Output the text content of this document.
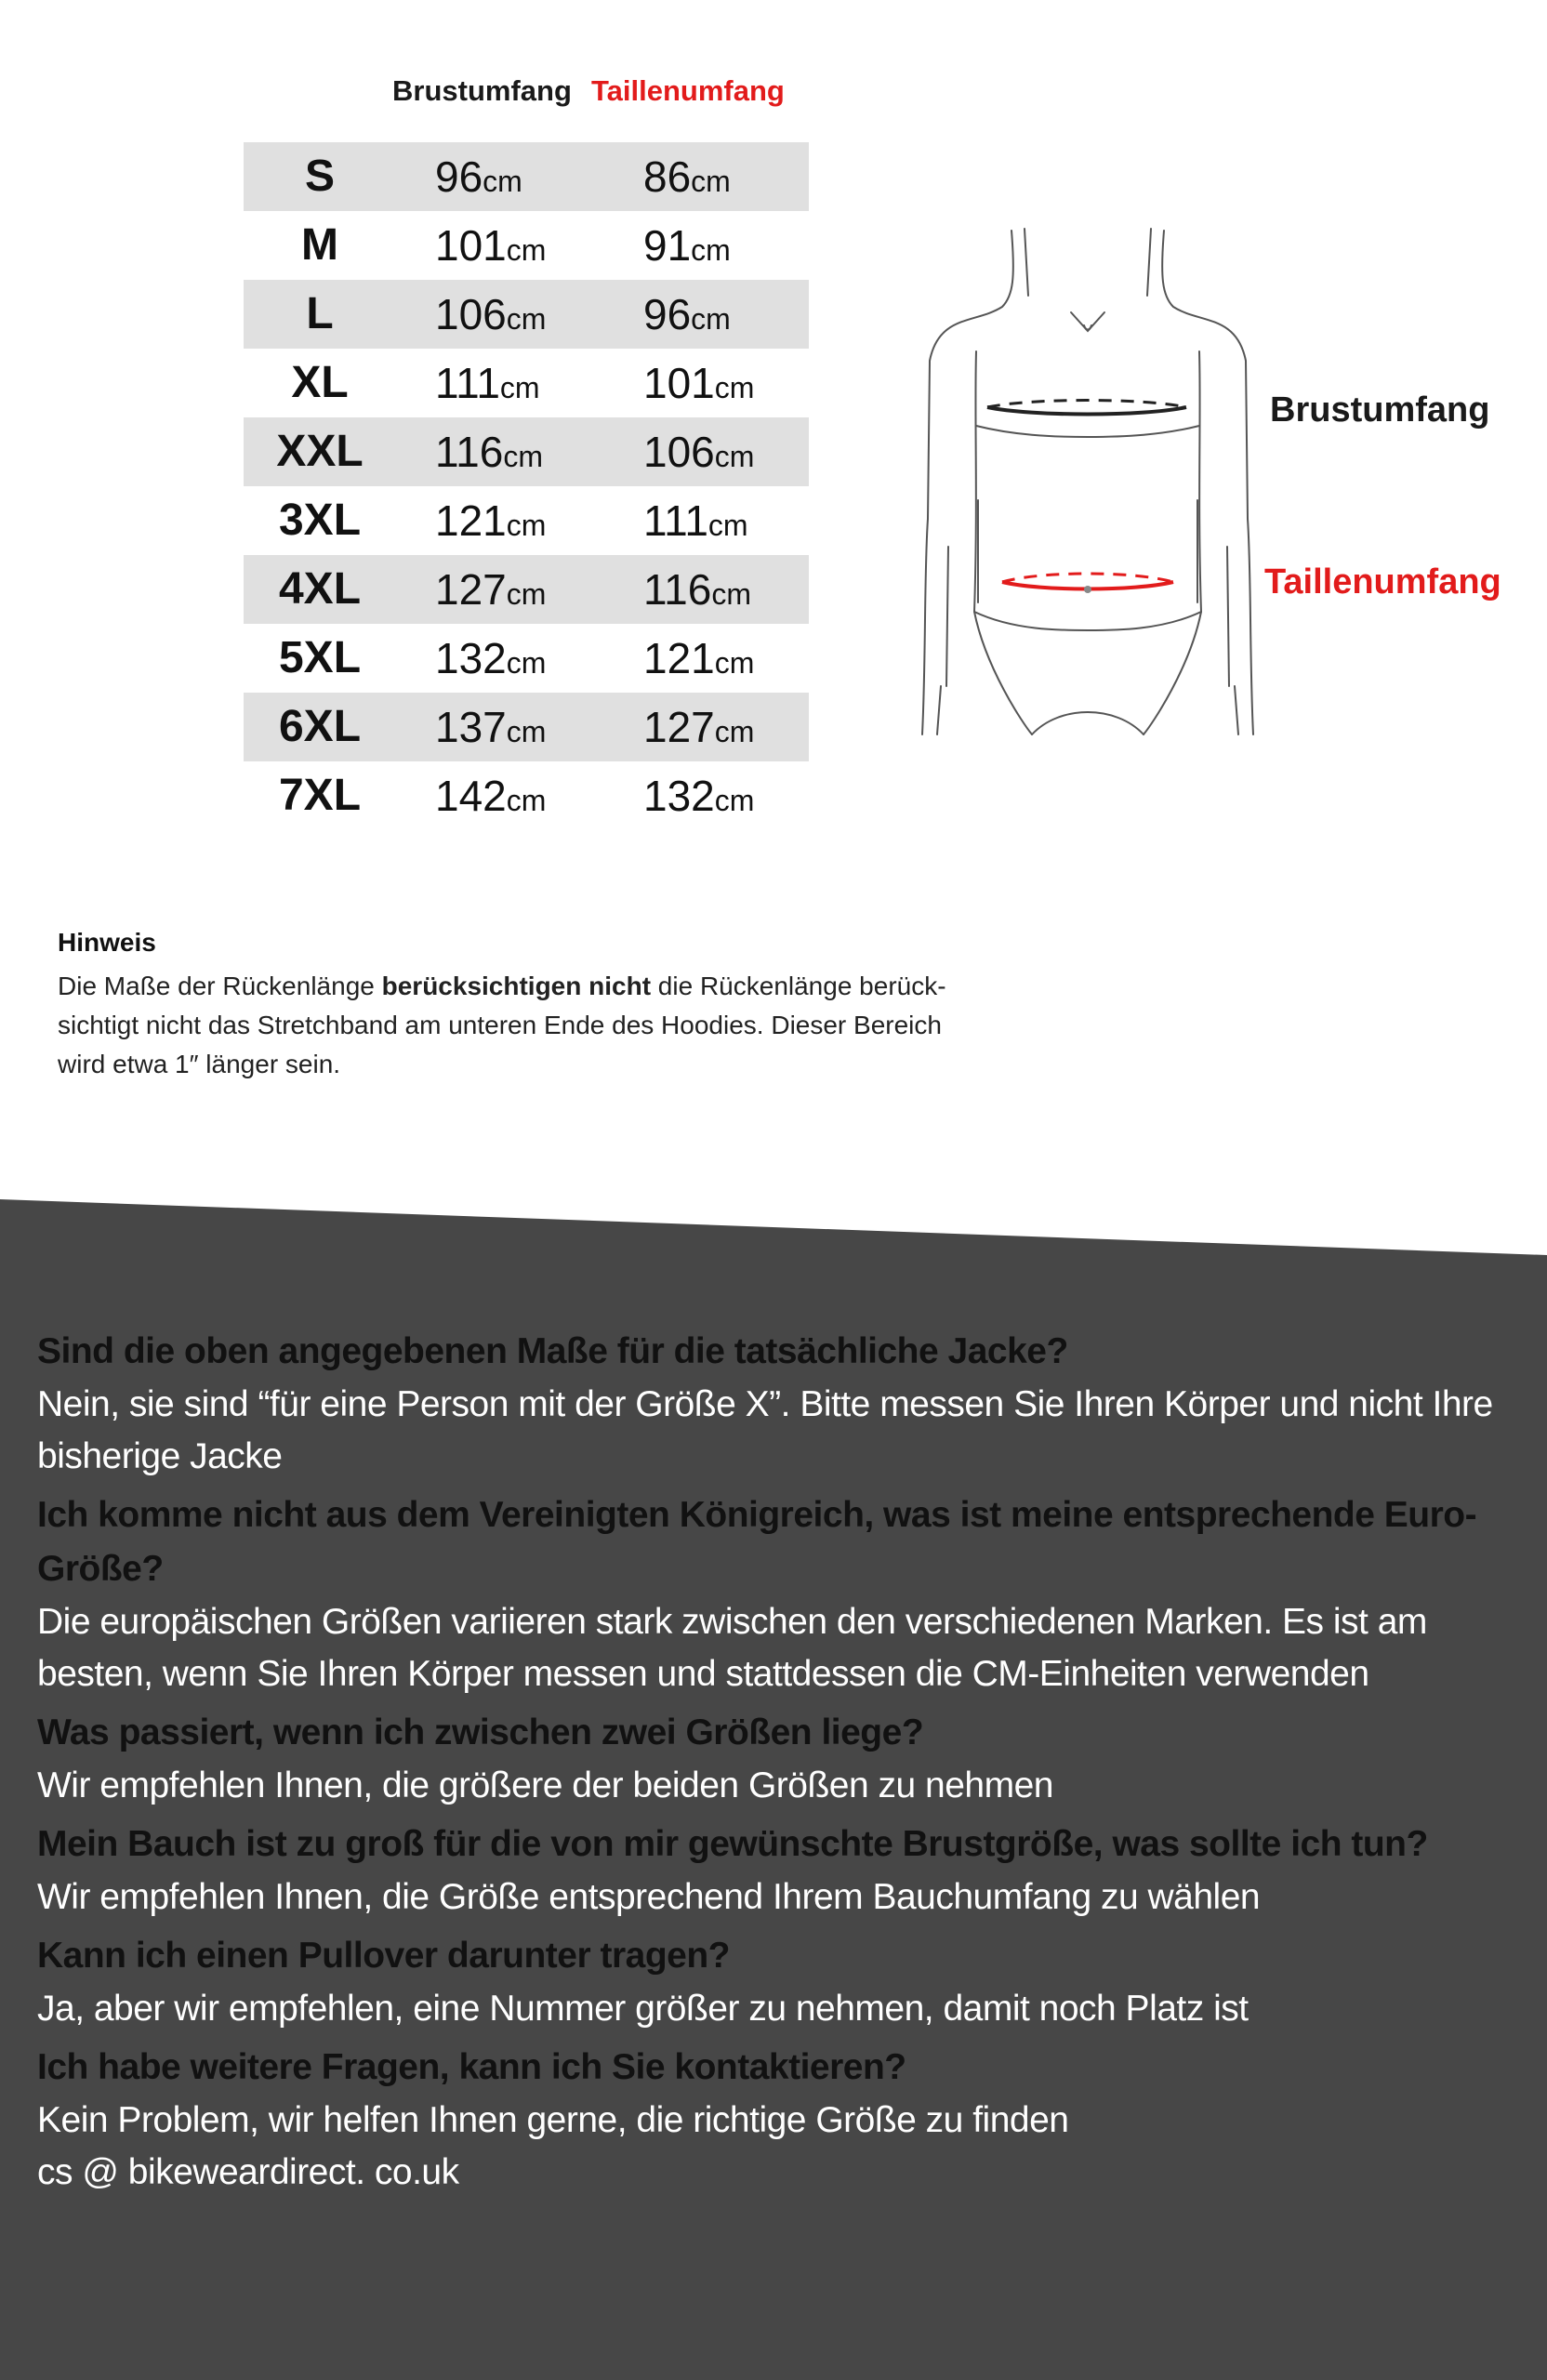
Brustumfang Taillenumfang
S	96cm	86cm
M	101cm 91cm
L	106cm 96cm
XL	111cm 101cm
XXL	116cm 106cm
3XL	121cm 111cm
4XL	127cm 116cm
5XL	132cm 121cm
6XL	137cm 127cm
7XL	142cm 132cm
Brustumfang
Taillenumfang
Hinweis
Die Maße der Rückenlänge berücksichtigen nicht die Rückenlänge berück-sichtigt nicht das Stretchband am unteren Ende des Hoodies. Dieser Bereich wird etwa 1″ länger sein.
Sind die oben angegebenen Maße für die tatsächliche Jacke?
Nein, sie sind “für eine Person mit der Größe X”. Bitte messen Sie Ihren Körper und nicht Ihre bisherige Jacke
Ich komme nicht aus dem Vereinigten Königreich, was ist meine entsprechende Euro-Größe?
Die europäischen Größen variieren stark zwischen den verschiedenen Marken. Es ist am besten, wenn Sie Ihren Körper messen und stattdessen die CM-Einheiten verwenden
Was passiert, wenn ich zwischen zwei Größen liege?
Wir empfehlen Ihnen, die größere der beiden Größen zu nehmen
Mein Bauch ist zu groß für die von mir gewünschte Brustgröße, was sollte ich tun?
Wir empfehlen Ihnen, die Größe entsprechend Ihrem Bauchumfang zu wählen
Kann ich einen Pullover darunter tragen?
Ja, aber wir empfehlen, eine Nummer größer zu nehmen, damit noch Platz ist
Ich habe weitere Fragen, kann ich Sie kontaktieren?
Kein Problem, wir helfen Ihnen gerne, die richtige Größe zu finden
cs @ bikeweardirect. co.uk
